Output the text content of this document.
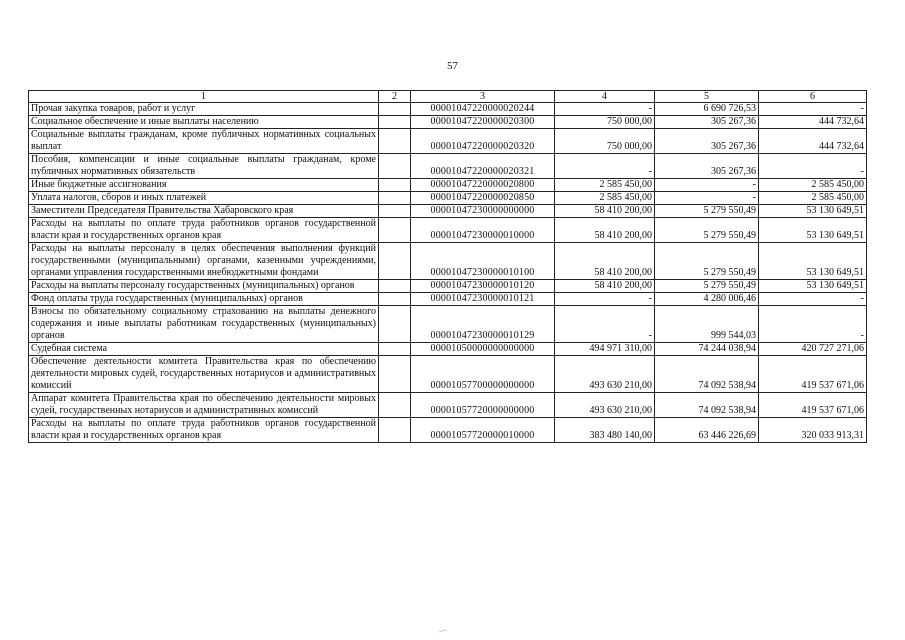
57
1	2	3	4	5	6
Прочая закупка товаров, работ и услуг		00001047220000020244	-	6 690 726,53	-
Социальное обеспечение и иные выплаты населению		00001047220000020300	750 000,00	305 267,36	444 732,64
Социальные выплаты гражданам, кроме публичных нормативных социальных выплат		00001047220000020320	750 000,00	305 267,36	444 732,64
Пособия, компенсации и иные социальные выплаты гражданам, кроме публичных нормативных обязательств		00001047220000020321	-	305 267,36	-
Иные бюджетные ассигнования		00001047220000020800	2 585 450,00	-	2 585 450,00
Уплата налогов, сборов и иных платежей		00001047220000020850	2 585 450,00	-	2 585 450,00
Заместители Председателя Правительства Хабаровского края		00001047230000000000	58 410 200,00	5 279 550,49	53 130 649,51
Расходы на выплаты по оплате труда работников органов государственной власти края и государственных органов края		00001047230000010000	58 410 200,00	5 279 550,49	53 130 649,51
Расходы на выплаты персоналу в целях обеспечения выполнения функций государственными (муниципальными) органами, казенными учреждениями, органами управления государственными внебюджетными фондами		00001047230000010100	58 410 200,00	5 279 550,49	53 130 649,51
Расходы на выплаты персоналу государственных (муниципальных) органов		00001047230000010120	58 410 200,00	5 279 550,49	53 130 649,51
Фонд оплаты труда государственных (муниципальных) органов		00001047230000010121	-	4 280 006,46	-
Взносы по обязательному социальному страхованию на выплаты денежного содержания и иные выплаты работникам государственных (муниципальных) органов		00001047230000010129	-	999 544,03	-
Судебная система		00001050000000000000	494 971 310,00	74 244 038,94	420 727 271,06
Обеспечение деятельности комитета Правительства края по обеспечению деятельности мировых судей, государственных нотариусов и административных комиссий		00001057700000000000	493 630 210,00	74 092 538,94	419 537 671,06
Аппарат комитета Правительства края по обеспечению деятельности мировых судей, государственных нотариусов и административных комиссий		00001057720000000000	493 630 210,00	74 092 538,94	419 537 671,06
Расходы на выплаты по оплате труда работников органов государственной власти края и государственных органов края		00001057720000010000	383 480 140,00	63 446 226,69	320 033 913,31
